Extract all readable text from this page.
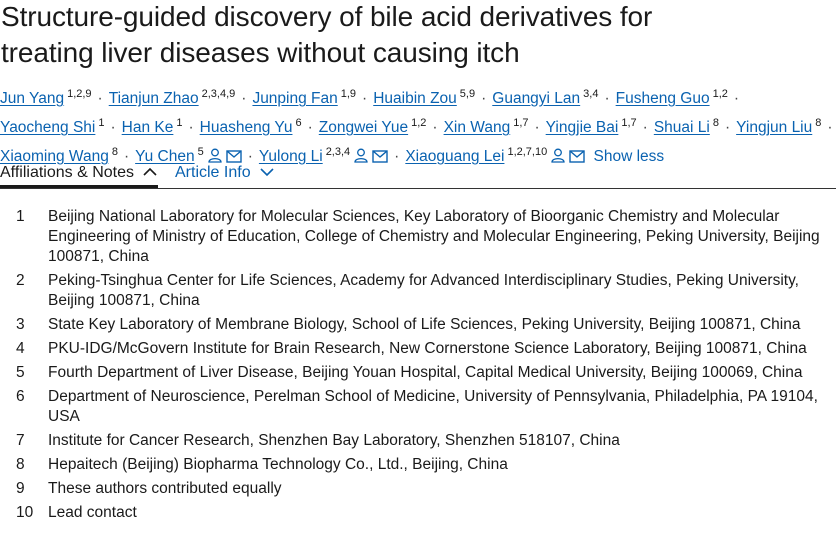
Structure-guided discovery of bile acid derivatives for
treating liver diseases without causing itch
Jun Yang $^{1,2,9}$ · Tianjun Zhao $^{2,3,4,9}$ · Junping Fan $^{1,9}$ · Huaibin Zou $^{5,9}$ · Guangyi Lan $^{3,4}$ · Fusheng Guo $^{1,2}$ ·
Yaocheng Shi $^1$ · Han Ke $^1$ · Huasheng Yu $^6$ · Zongwei Yue $^{1,2}$ · Xin Wang $^{1,7}$ · Yingjie Bai $^{1,7}$ · Shuai Li $^8$ · Yingjun Liu $^8$ ·
Xiaoming Wang $^8$ · Yu Chen $^5$	· Yulong Li $^{2,3,4}$	· Xiaoguang Lei $^{1,2,7,10}$	Show less
Affiliations & Notes	Article Info
1 Beijing National Laboratory for Molecular Sciences, Key Laboratory of Bioorganic Chemistry and Molecular Engineering of Ministry of Education, College of Chemistry and Molecular Engineering, Peking University, Beijing 100871, China
2 Peking-Tsinghua Center for Life Sciences, Academy for Advanced Interdisciplinary Studies, Peking University, Beijing 100871, China
3 State Key Laboratory of Membrane Biology, School of Life Sciences, Peking University, Beijing 100871, China
4 PKU-IDG/McGovern Institute for Brain Research, New Cornerstone Science Laboratory, Beijing 100871, China
5 Fourth Department of Liver Disease, Beijing Youan Hospital, Capital Medical University, Beijing 100069, China
6 Department of Neuroscience, Perelman School of Medicine, University of Pennsylvania, Philadelphia, PA 19104, USA
7 Institute for Cancer Research, Shenzhen Bay Laboratory, Shenzhen 518107, China
8 Hepaitech (Beijing) Biopharma Technology Co., Ltd., Beijing, China
9 These authors contributed equally
10 Lead contact
